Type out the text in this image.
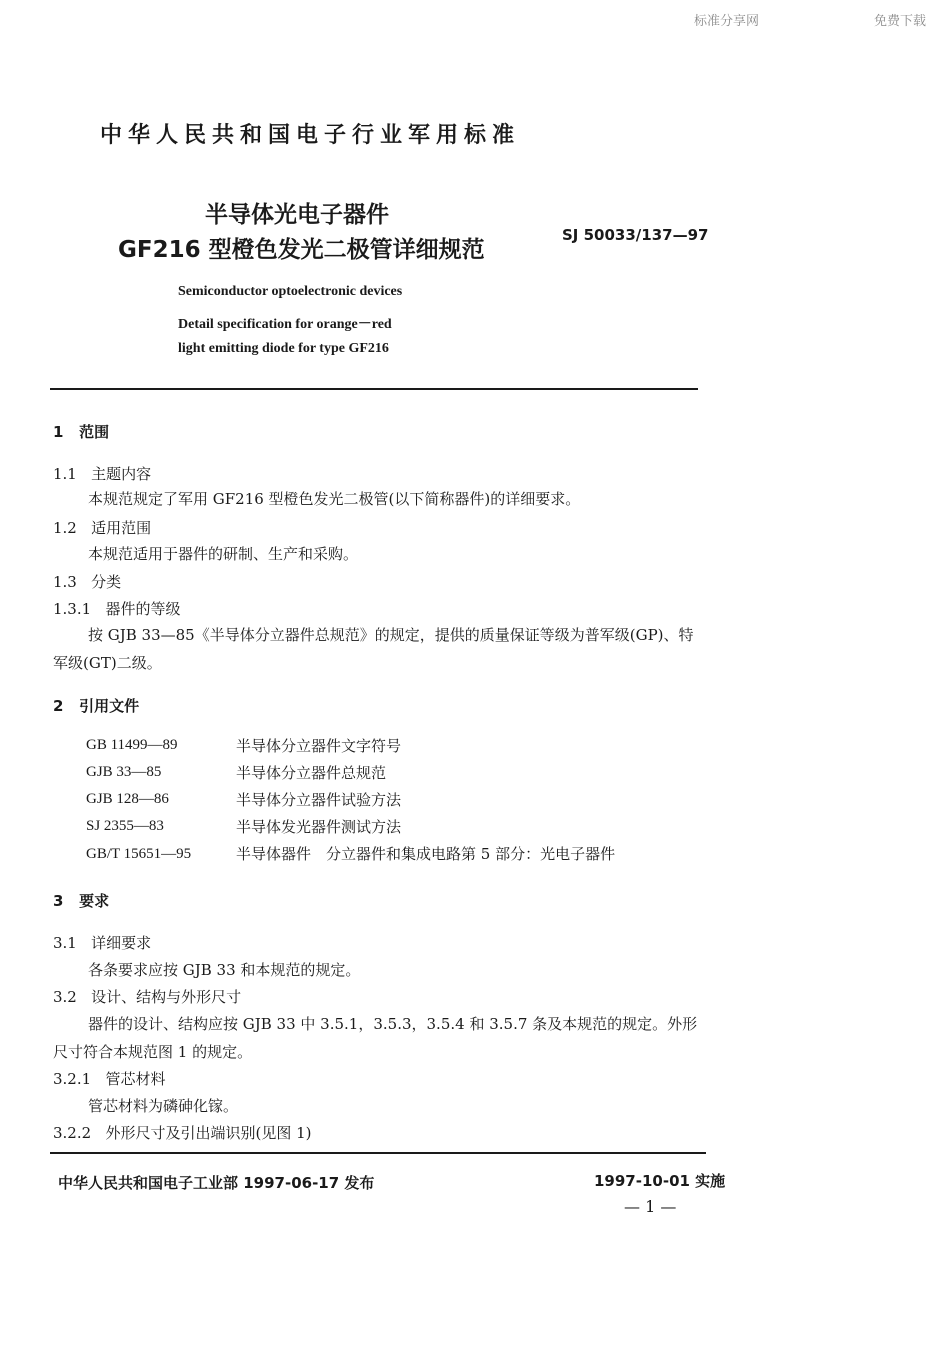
标准分享网	免费下载
中华人民共和国电子行业军用标准
半导体光电子器件
GF216 型橙色发光二极管详细规范
SJ 50033/137—97
Semiconductor optoelectronic devices
Detail specification for orange－red
light emitting diode for type GF216
1 范围
1.1 主题内容
本规范规定了军用 GF216 型橙色发光二极管(以下简称器件)的详细要求。
1.2 适用范围
本规范适用于器件的研制、生产和采购。
1.3 分类
1.3.1 器件的等级
按 GJB 33—85《半导体分立器件总规范》的规定，提供的质量保证等级为普军级(GP)、特
军级(GT)二级。
2 引用文件
GB 11499—89	半导体分立器件文字符号
GJB 33—85	半导体分立器件总规范
GJB 128—86	半导体分立器件试验方法
SJ 2355—83	半导体发光器件测试方法
GB/T 15651—95	半导体器件　分立器件和集成电路第 5 部分：光电子器件
3 要求
3.1 详细要求
各条要求应按 GJB 33 和本规范的规定。
3.2 设计、结构与外形尺寸
器件的设计、结构应按 GJB 33 中 3.5.1，3.5.3，3.5.4 和 3.5.7 条及本规范的规定。外形
尺寸符合本规范图 1 的规定。
3.2.1 管芯材料
管芯材料为磷砷化镓。
3.2.2 外形尺寸及引出端识别(见图 1)
中华人民共和国电子工业部 1997-06-17 发布	1997-10-01 实施
— 1 —
